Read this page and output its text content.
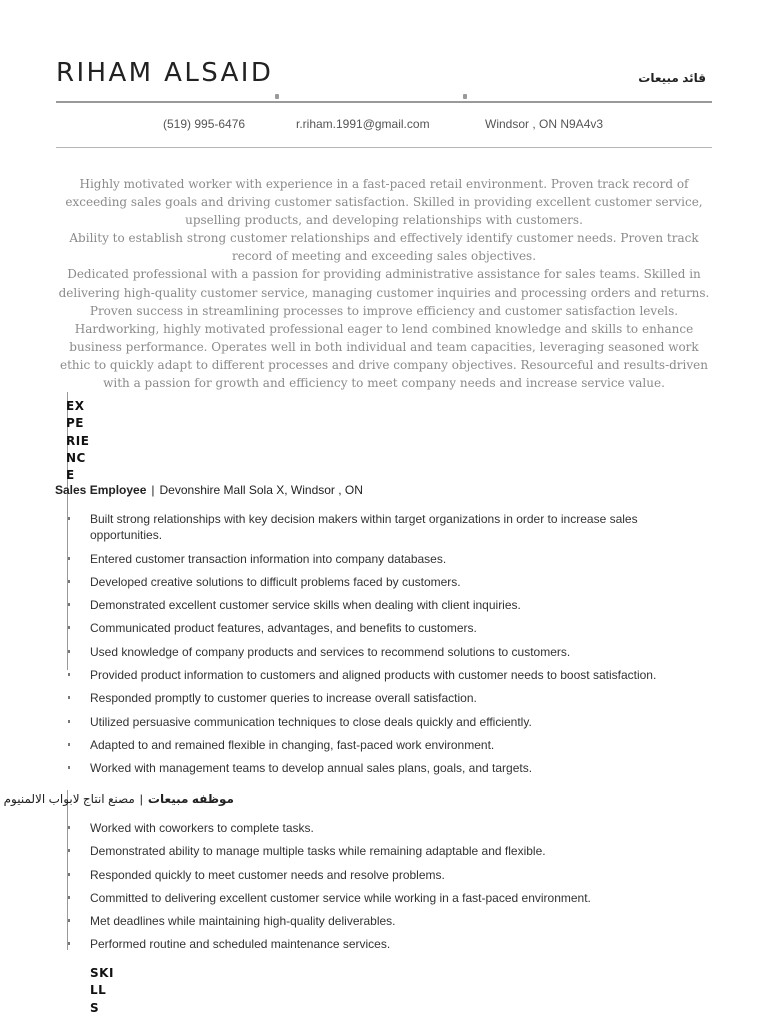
RIHAM ALSAID	قائد مبيعات
(519) 995-6476	r.riham.1991@gmail.com	Windsor , ON N9A4v3
Highly motivated worker with experience in a fast-paced retail environment. Proven track record of exceeding sales goals and driving customer satisfaction. Skilled in providing excellent customer service, upselling products, and developing relationships with customers.
Ability to establish strong customer relationships and effectively identify customer needs. Proven track record of meeting and exceeding sales objectives.
Dedicated professional with a passion for providing administrative assistance for sales teams. Skilled in delivering high-quality customer service, managing customer inquiries and processing orders and returns. Proven success in streamlining processes to improve efficiency and customer satisfaction levels.
Hardworking, highly motivated professional eager to lend combined knowledge and skills to enhance business performance. Operates well in both individual and team capacities, leveraging seasoned work ethic to quickly adapt to different processes and drive company objectives. Resourceful and results-driven with a passion for growth and efficiency to meet company needs and increase service value.
EXPERIENCE
Sales Employee | Devonshire Mall Sola X, Windsor , ON
Built strong relationships with key decision makers within target organizations in order to increase sales opportunities.
Entered customer transaction information into company databases.
Developed creative solutions to difficult problems faced by customers.
Demonstrated excellent customer service skills when dealing with client inquiries.
Communicated product features, advantages, and benefits to customers.
Used knowledge of company products and services to recommend solutions to customers.
Provided product information to customers and aligned products with customer needs to boost satisfaction.
Responded promptly to customer queries to increase overall satisfaction.
Utilized persuasive communication techniques to close deals quickly and efficiently.
Adapted to and remained flexible in changing, fast-paced work environment.
Worked with management teams to develop annual sales plans, goals, and targets.
موظفه مبيعات|مصنع انتاج لابواب الالمنيوم
Worked with coworkers to complete tasks.
Demonstrated ability to manage multiple tasks while remaining adaptable and flexible.
Responded quickly to meet customer needs and resolve problems.
Committed to delivering excellent customer service while working in a fast-paced environment.
Met deadlines while maintaining high-quality deliverables.
Performed routine and scheduled maintenance services.
SKILLS
